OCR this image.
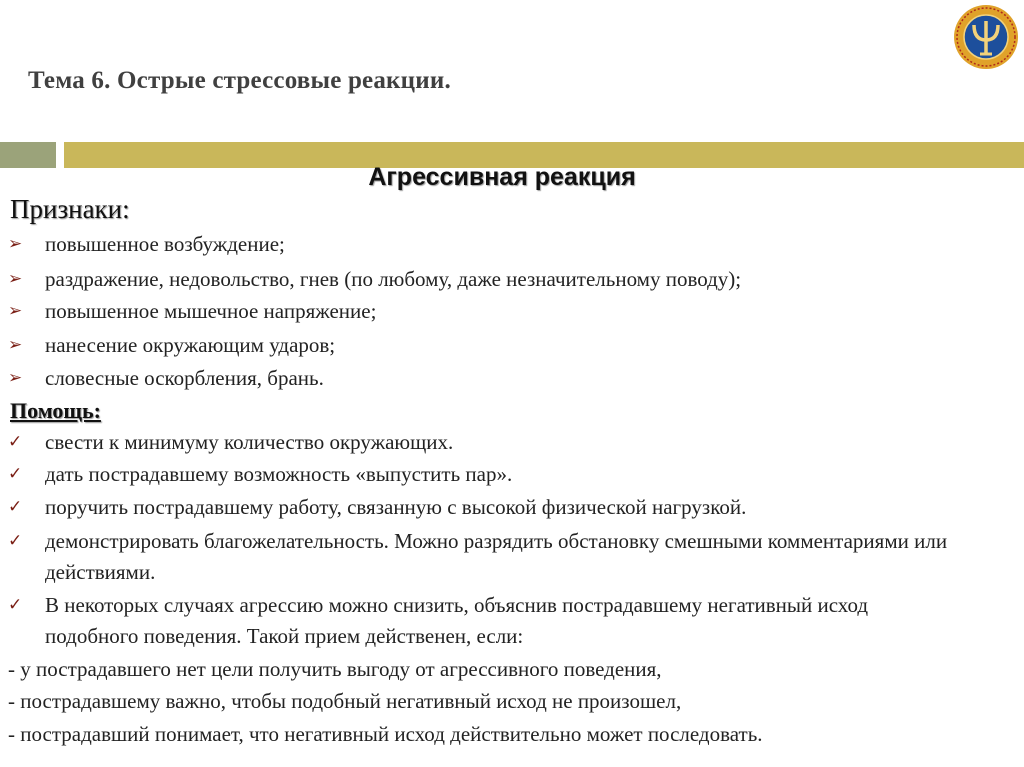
Тема 6. Острые стрессовые реакции.
Агрессивная реакция
Признаки:
➢	повышенное возбуждение;
➢	раздражение, недовольство, гнев (по любому, даже незначительному поводу);
➢	повышенное мышечное напряжение;
➢	нанесение окружающим ударов;
➢	словесные оскорбления, брань.
Помощь:
✓	свести к минимуму количество окружающих.
✓	дать пострадавшему возможность «выпустить пар».
✓	поручить пострадавшему работу, связанную с высокой физической нагрузкой.
✓	демонстрировать благожелательность. Можно разрядить обстановку смешными комментариями или действиями.
✓	В некоторых случаях агрессию можно снизить, объяснив пострадавшему негативный исход подобного поведения. Такой прием действенен, если:
- у пострадавшего нет цели получить выгоду от агрессивного поведения,
- пострадавшему важно, чтобы подобный негативный исход не произошел,
- пострадавший понимает, что негативный исход действительно может последовать.
